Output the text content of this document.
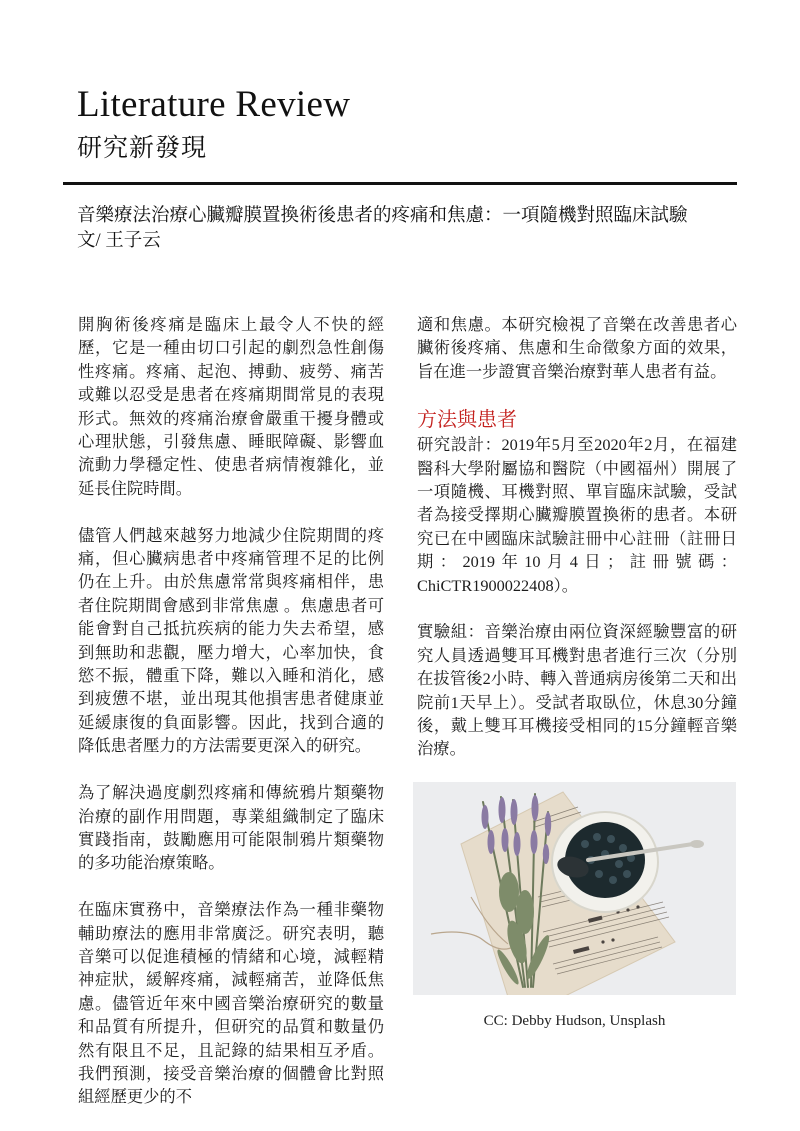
Literature Review
研究新發現
音樂療法治療心臟瓣膜置換術後患者的疼痛和焦慮：一項隨機對照臨床試驗
文/ 王子云

開胸術後疼痛是臨床上最令人不快的經歷，它是一種由切口引起的劇烈急性創傷性疼痛。疼痛、起泡、搏動、疲勞、痛苦或難以忍受是患者在疼痛期間常見的表現形式。無效的疼痛治療會嚴重干擾身體或心理狀態，引發焦慮、睡眠障礙、影響血流動力學穩定性、使患者病情複雜化，並延長住院時間。

儘管人們越來越努力地減少住院期間的疼痛，但心臟病患者中疼痛管理不足的比例仍在上升。由於焦慮常常與疼痛相伴，患者住院期間會感到非常焦慮 。焦慮患者可能會對自己抵抗疾病的能力失去希望，感到無助和悲觀，壓力增大，心率加快，食慾不振，體重下降，難以入睡和消化，感到疲憊不堪，並出現其他損害患者健康並延緩康復的負面影響。因此，找到合適的降低患者壓力的方法需要更深入的研究。

為了解決過度劇烈疼痛和傳統鴉片類藥物治療的副作用問題，專業組織制定了臨床實踐指南，鼓勵應用可能限制鴉片類藥物的多功能治療策略。

在臨床實務中，音樂療法作為一種非藥物輔助療法的應用非常廣泛。研究表明，聽音樂可以促進積極的情緒和心境，減輕精神症狀，緩解疼痛，減輕痛苦，並降低焦慮。儘管近年來中國音樂治療研究的數量和品質有所提升，但研究的品質和數量仍然有限且不足，且記錄的結果相互矛盾。我們預測，接受音樂治療的個體會比對照組經歷更少的不

適和焦慮。本研究檢視了音樂在改善患者心臟術後疼痛、焦慮和生命徵象方面的效果，旨在進一步證實音樂治療對華人患者有益。

方法與患者

研究設計：2019年5月至2020年2月，在福建醫科大學附屬協和醫院（中國福州）開展了一項隨機、耳機對照、單盲臨床試驗，受試者為接受擇期心臟瓣膜置換術的患者。本研究已在中國臨床試驗註冊中心註冊（註冊日期：2019年10月4日；註冊號碼：ChiCTR1900022408）。

實驗組：音樂治療由兩位資深經驗豐富的研究人員透過雙耳耳機對患者進行三次（分別在拔管後2小時、轉入普通病房後第二天和出院前1天早上）。受試者取臥位，休息30分鐘後，戴上雙耳耳機接受相同的15分鐘輕音樂治療。

CC: Debby Hudson, Unsplash
